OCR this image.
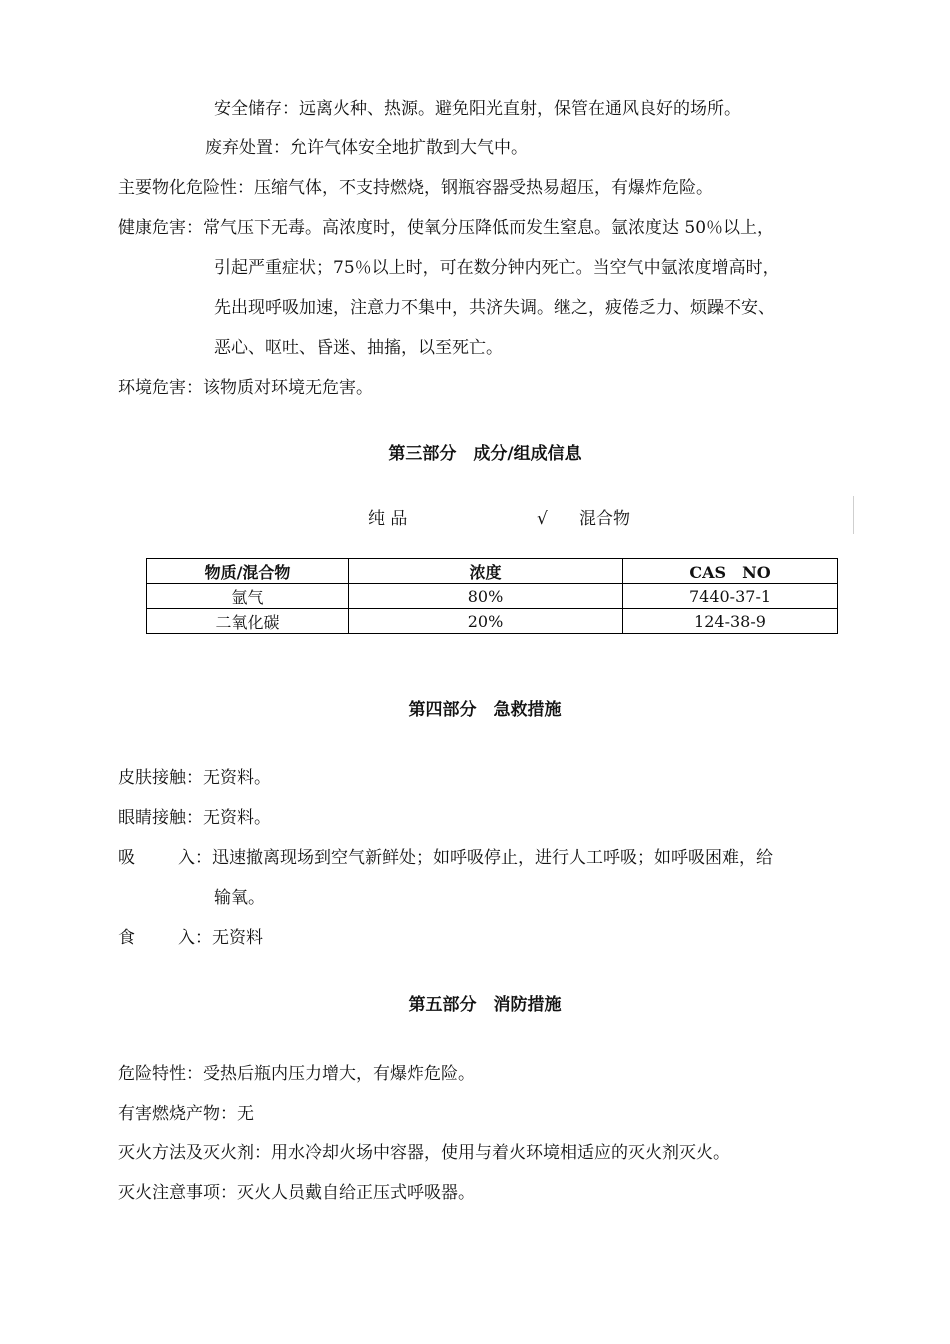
安全储存：远离火种、热源。避免阳光直射，保管在通风良好的场所。
废弃处置：允许气体安全地扩散到大气中。
主要物化危险性：压缩气体，不支持燃烧，钢瓶容器受热易超压，有爆炸危险。
健康危害：常气压下无毒。高浓度时，使氧分压降低而发生窒息。氩浓度达 50％以上，
引起严重症状；75％以上时，可在数分钟内死亡。当空气中氩浓度增高时，
先出现呼吸加速，注意力不集中，共济失调。继之，疲倦乏力、烦躁不安、
恶心、呕吐、昏迷、抽搐，以至死亡。
环境危害：该物质对环境无危害。
第三部分　成分/组成信息
纯 品	√ 混合物
物质/混合物	浓度	CAS　NO
氩气	80%	7440-37-1
二氧化碳	20%	124-38-9
第四部分　急救措施
皮肤接触：无资料。
眼睛接触：无资料。
吸	入：迅速撤离现场到空气新鲜处；如呼吸停止，进行人工呼吸；如呼吸困难，给
输氧。
食	入：无资料
第五部分　消防措施
危险特性：受热后瓶内压力增大，有爆炸危险。
有害燃烧产物：无
灭火方法及灭火剂：用水冷却火场中容器，使用与着火环境相适应的灭火剂灭火。
灭火注意事项：灭火人员戴自给正压式呼吸器。
